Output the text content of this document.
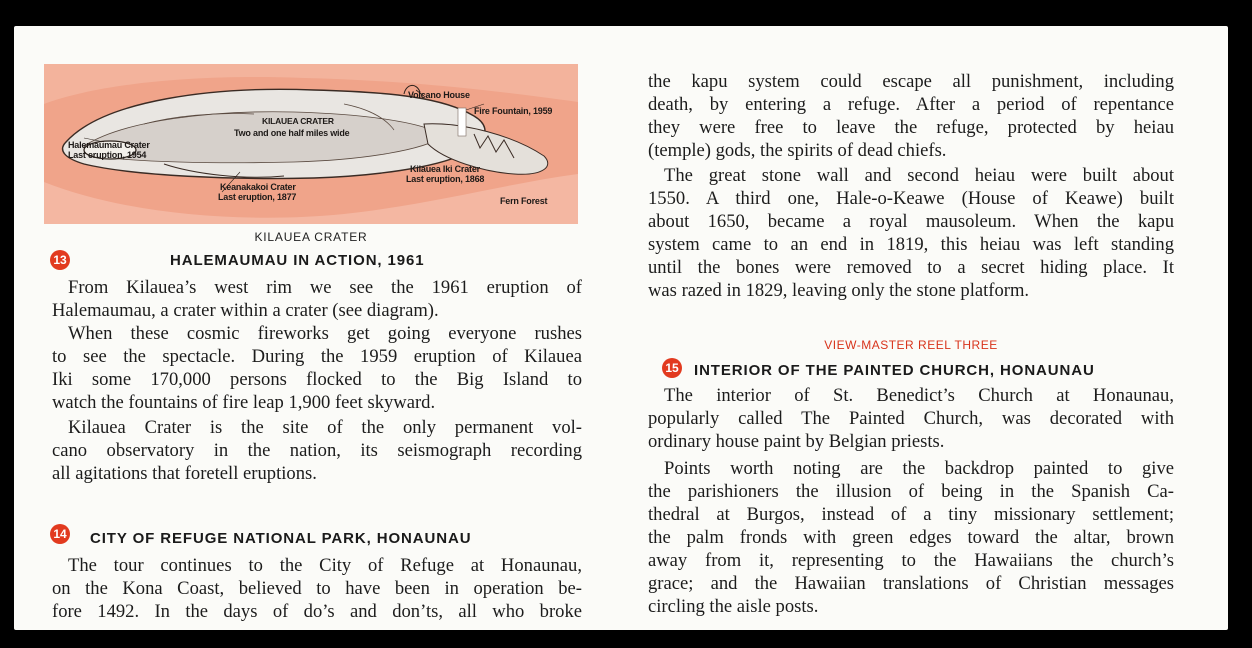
Volcano House
Fire Fountain, 1959
KILAUEA CRATER
Two and one half miles wide
Halemaumau Crater
Last eruption, 1954
Kilauea Iki Crater
Last eruption, 1868
Keanakakoi Crater
Last eruption, 1877	Fern Forest
KILAUEA CRATER
13	HALEMAUMAU IN ACTION, 1961
From Kilauea’s west rim we see the 1961 eruption of
Halemaumau, a crater within a crater (see diagram).
When these cosmic fireworks get going everyone rushes
to see the spectacle. During the 1959 eruption of Kilauea
Iki some 170,000 persons flocked to the Big Island to
watch the fountains of fire leap 1,900 feet skyward.
Kilauea Crater is the site of the only permanent vol-
cano observatory in the nation, its seismograph recording
all agitations that foretell eruptions.
14 CITY OF REFUGE NATIONAL PARK, HONAUNAU
The tour continues to the City of Refuge at Honaunau,
on the Kona Coast, believed to have been in operation be-
fore 1492. In the days of do’s and don’ts, all who broke
the kapu system could escape all punishment, including
death, by entering a refuge. After a period of repentance
they were free to leave the refuge, protected by heiau
(temple) gods, the spirits of dead chiefs.
The great stone wall and second heiau were built about
1550. A third one, Hale-o-Keawe (House of Keawe) built
about 1650, became a royal mausoleum. When the kapu
system came to an end in 1819, this heiau was left standing
until the bones were removed to a secret hiding place. It
was razed in 1829, leaving only the stone platform.
VIEW-MASTER REEL THREE
15 INTERIOR OF THE PAINTED CHURCH, HONAUNAU
The interior of St. Benedict’s Church at Honaunau,
popularly called The Painted Church, was decorated with
ordinary house paint by Belgian priests.
Points worth noting are the backdrop painted to give
the parishioners the illusion of being in the Spanish Ca-
thedral at Burgos, instead of a tiny missionary settlement;
the palm fronds with green edges toward the altar, brown
away from it, representing to the Hawaiians the church’s
grace; and the Hawaiian translations of Christian messages
circling the aisle posts.
